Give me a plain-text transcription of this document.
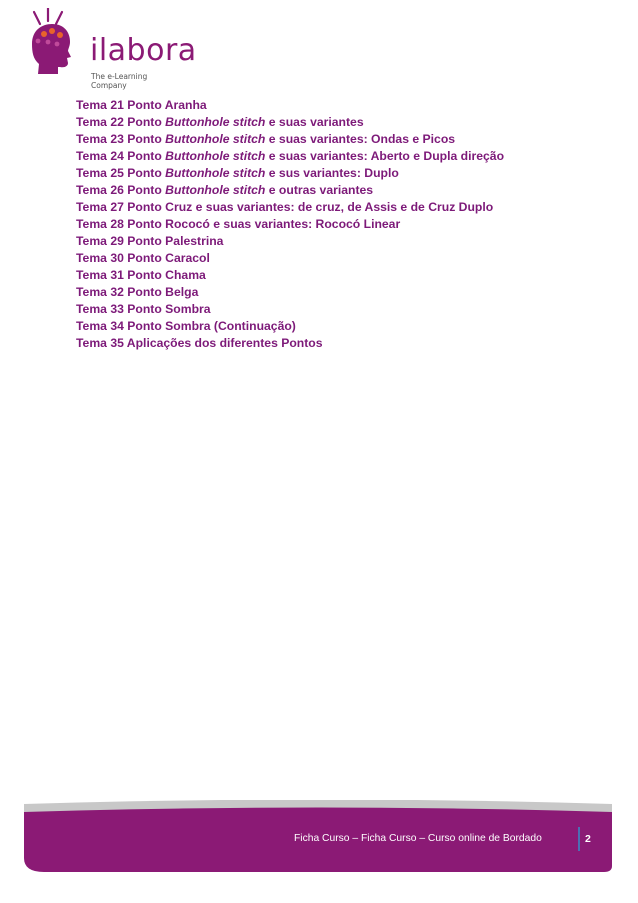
ilabora
The e-Learning Company
Tema 21 Ponto Aranha
Tema 22 Ponto Buttonhole stitch e suas variantes
Tema 23 Ponto Buttonhole stitch e suas variantes: Ondas e Picos
Tema 24 Ponto Buttonhole stitch e suas variantes: Aberto e Dupla direção
Tema 25 Ponto Buttonhole stitch e sus variantes: Duplo
Tema 26 Ponto Buttonhole stitch e outras variantes
Tema 27 Ponto Cruz e suas variantes: de cruz, de Assis e de Cruz Duplo
Tema 28 Ponto Rococó e suas variantes: Rococó Linear
Tema 29 Ponto Palestrina
Tema 30 Ponto Caracol
Tema 31 Ponto Chama
Tema 32 Ponto Belga
Tema 33 Ponto Sombra
Tema 34 Ponto Sombra (Continuação)
Tema 35 Aplicações dos diferentes Pontos
Ficha Curso – Ficha Curso – Curso online de Bordado	2
